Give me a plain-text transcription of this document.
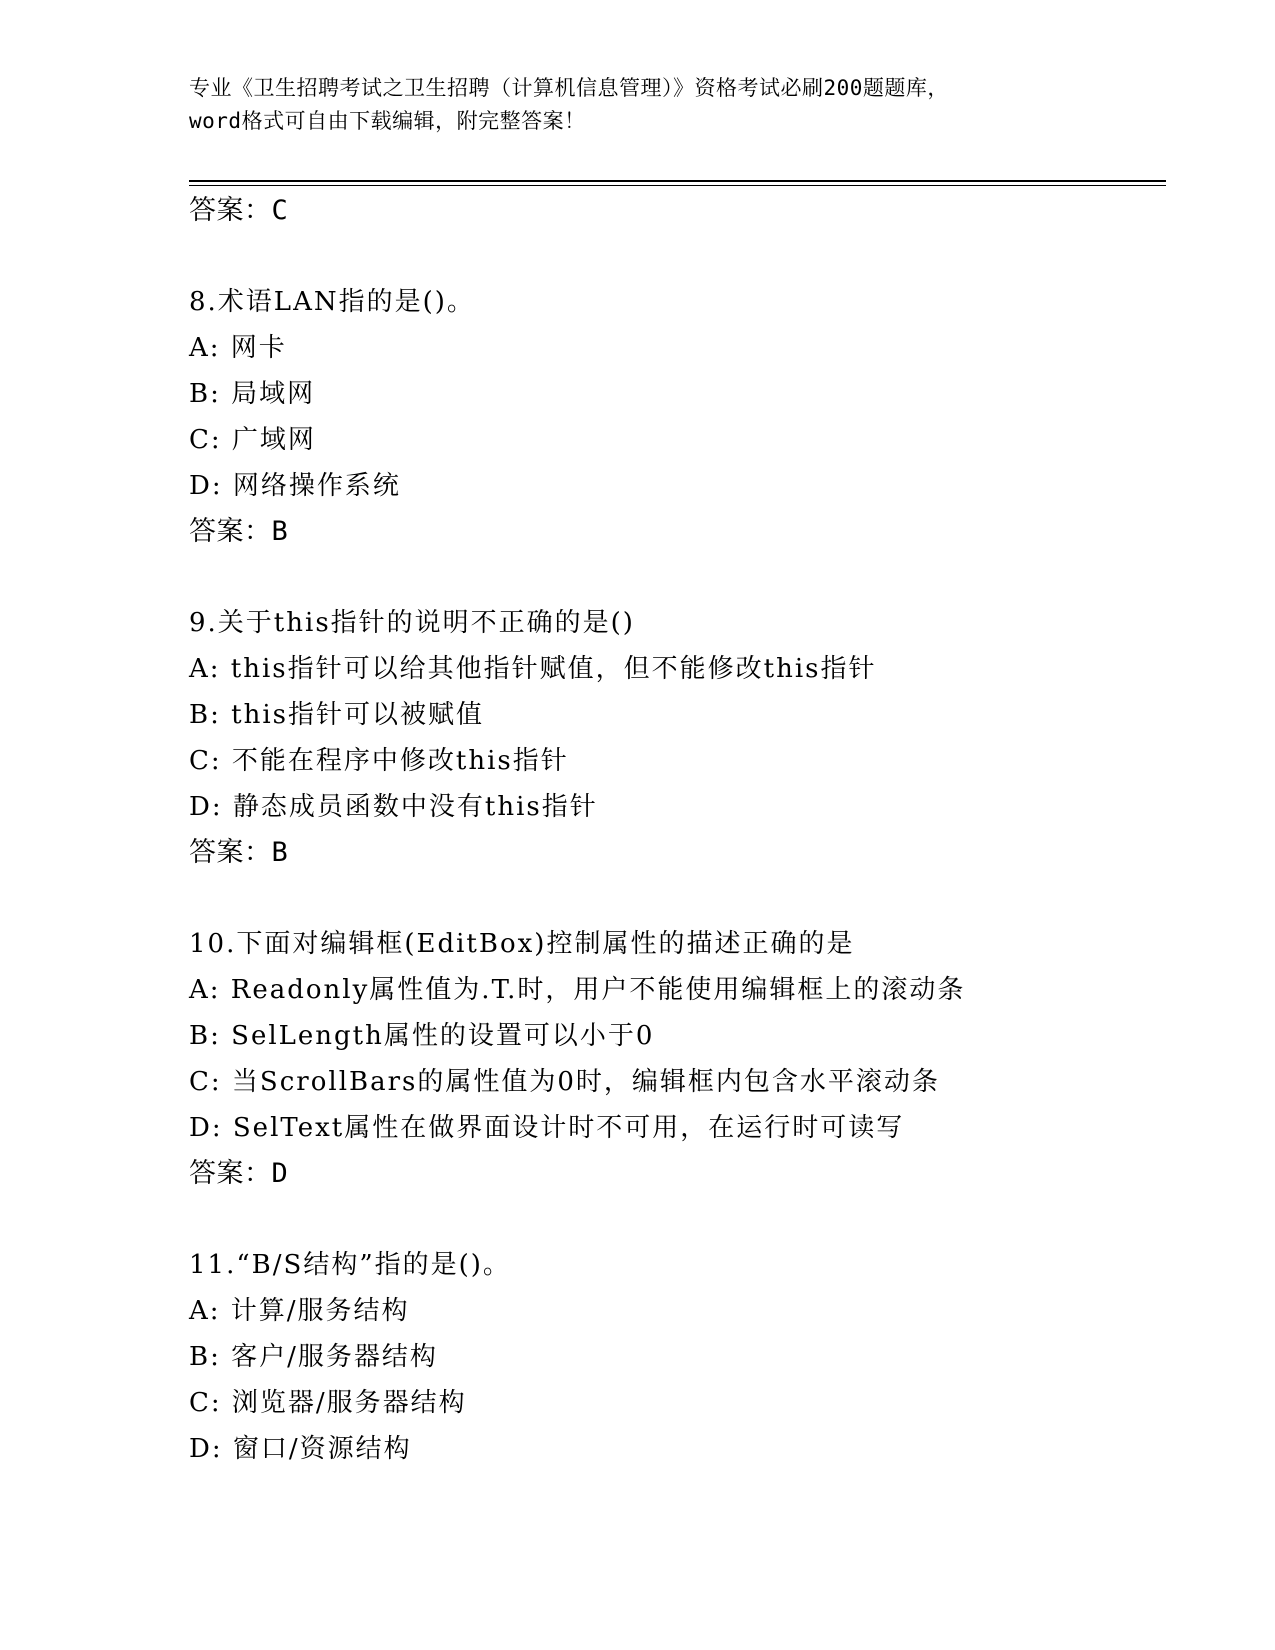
专业《卫生招聘考试之卫生招聘（计算机信息管理）》资格考试必刷200题题库，
word格式可自由下载编辑，附完整答案！
答案：C
8.术语LAN指的是()。
A: 网卡
B: 局域网
C: 广域网
D: 网络操作系统
答案：B
9.关于this指针的说明不正确的是()
A: this指针可以给其他指针赋值，但不能修改this指针
B: this指针可以被赋值
C: 不能在程序中修改this指针
D: 静态成员函数中没有this指针
答案：B
10.下面对编辑框(EditBox)控制属性的描述正确的是
A: Readonly属性值为.T.时，用户不能使用编辑框上的滚动条
B: SelLength属性的设置可以小于0
C: 当ScrollBars的属性值为0时，编辑框内包含水平滚动条
D: SelText属性在做界面设计时不可用，在运行时可读写
答案：D
11.“B/S结构”指的是()。
A: 计算/服务结构
B: 客户/服务器结构
C: 浏览器/服务器结构
D: 窗口/资源结构
